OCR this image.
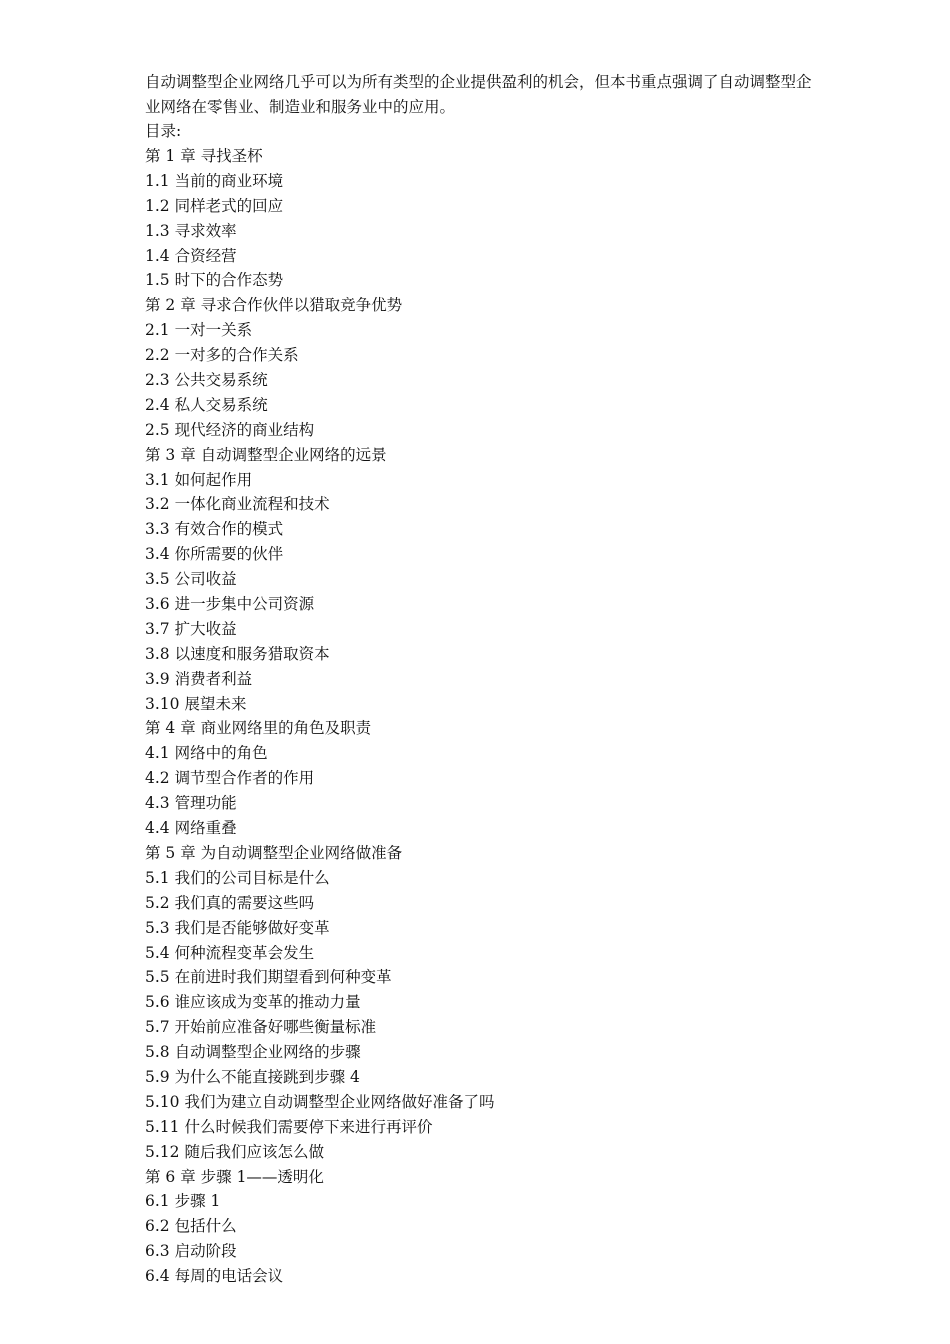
自动调整型企业网络几乎可以为所有类型的企业提供盈利的机会，但本书重点强调了自动调整型企业网络在零售业、制造业和服务业中的应用。

目录:

第 1 章 寻找圣杯
1.1 当前的商业环境
1.2 同样老式的回应
1.3 寻求效率
1.4 合资经营
1.5 时下的合作态势
第 2 章 寻求合作伙伴以猎取竞争优势
2.1 一对一关系
2.2 一对多的合作关系
2.3 公共交易系统
2.4 私人交易系统
2.5 现代经济的商业结构
第 3 章 自动调整型企业网络的远景
3.1 如何起作用
3.2 一体化商业流程和技术
3.3 有效合作的模式
3.4 你所需要的伙伴
3.5 公司收益
3.6 进一步集中公司资源
3.7 扩大收益
3.8 以速度和服务猎取资本
3.9 消费者利益
3.10 展望未来
第 4 章 商业网络里的角色及职责
4.1 网络中的角色
4.2 调节型合作者的作用
4.3 管理功能
4.4 网络重叠
第 5 章 为自动调整型企业网络做准备
5.1 我们的公司目标是什么
5.2 我们真的需要这些吗
5.3 我们是否能够做好变革
5.4 何种流程变革会发生
5.5 在前进时我们期望看到何种变革
5.6 谁应该成为变革的推动力量
5.7 开始前应准备好哪些衡量标准
5.8 自动调整型企业网络的步骤
5.9 为什么不能直接跳到步骤 4
5.10 我们为建立自动调整型企业网络做好准备了吗
5.11 什么时候我们需要停下来进行再评价
5.12 随后我们应该怎么做
第 6 章 步骤 1——透明化
6.1 步骤 1
6.2 包括什么
6.3 启动阶段
6.4 每周的电话会议
